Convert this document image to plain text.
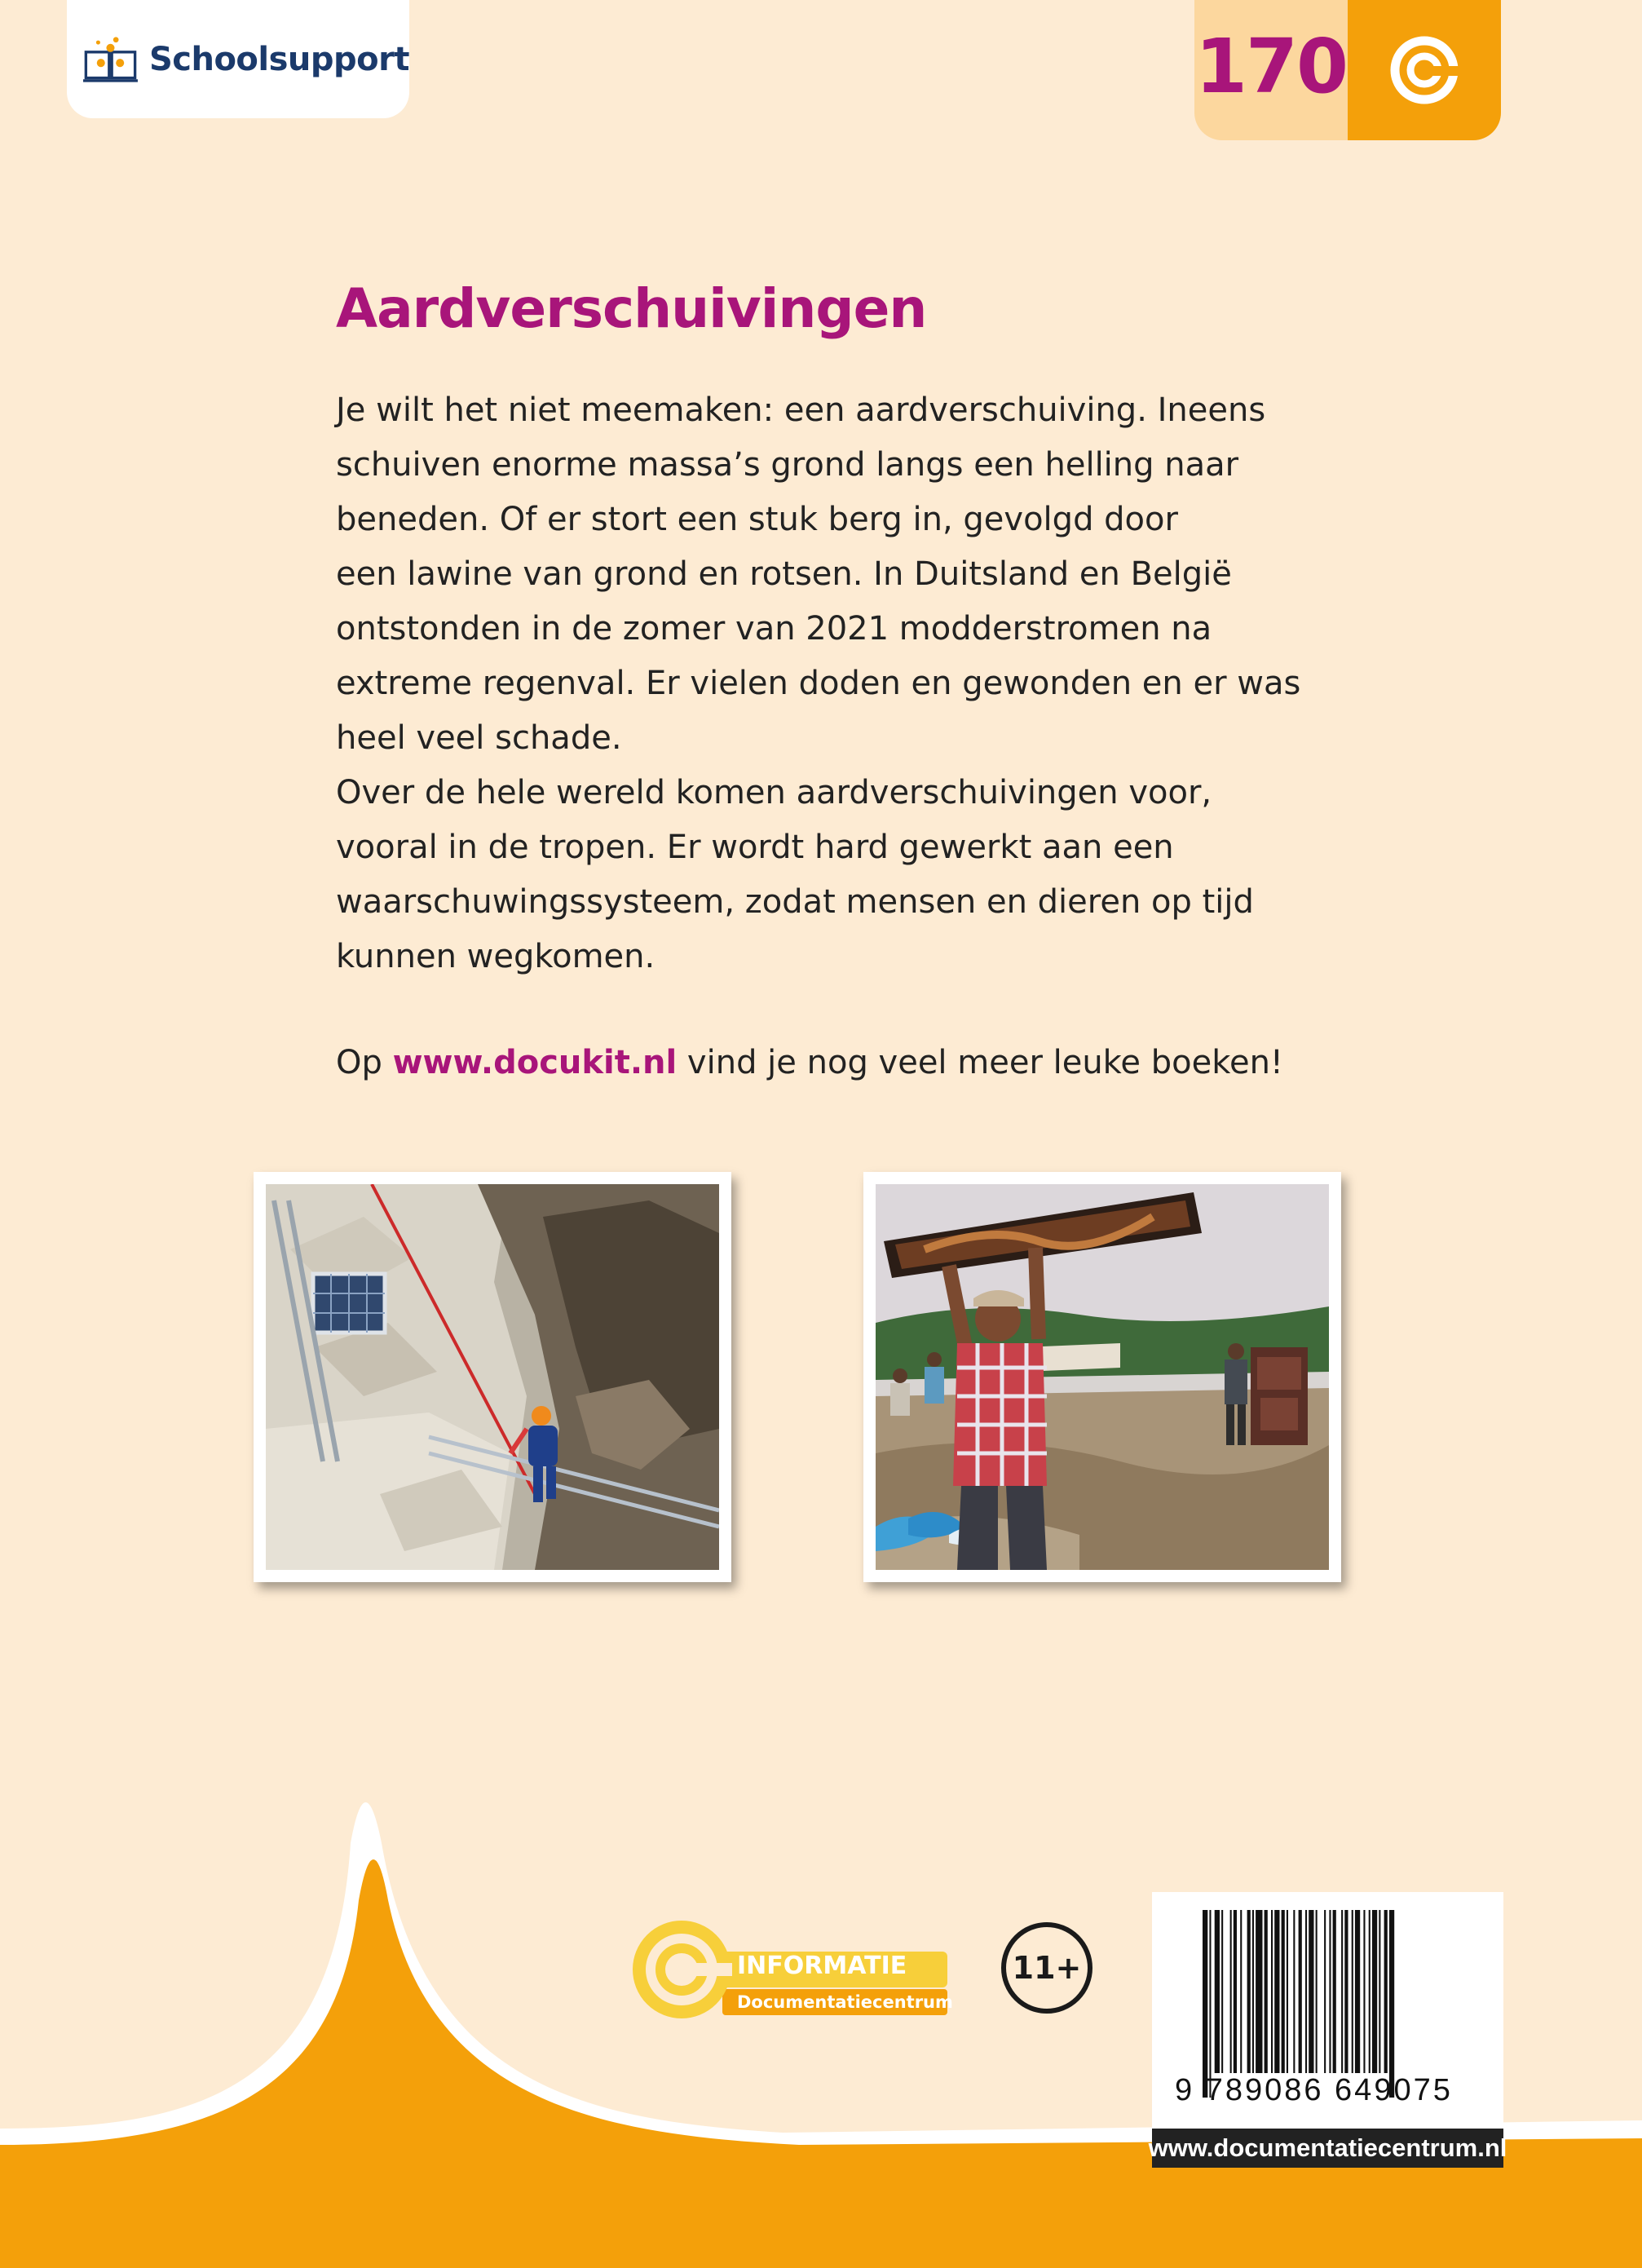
Schoolsupport	170
Aardverschuivingen

Je wilt het niet meemaken: een aardverschuiving. Ineens

schuiven enorme massa’s grond langs een helling naar

beneden. Of er stort een stuk berg in, gevolgd door

een lawine van grond en rotsen. In Duitsland en België

ontstonden in de zomer van 2021 modderstromen na

extreme regenval. Er vielen doden en gewonden en er was

heel veel schade.

Over de hele wereld komen aardverschuivingen voor,

vooral in de tropen. Er wordt hard gewerkt aan een

waarschuwingssysteem, zodat mensen en dieren op tijd

kunnen wegkomen.

Op www.docukit.nl vind je nog veel meer leuke boeken!
INFORMATIE
Documentatiecentrum
11+
9 789086 649075
www.documentatiecentrum.nl
